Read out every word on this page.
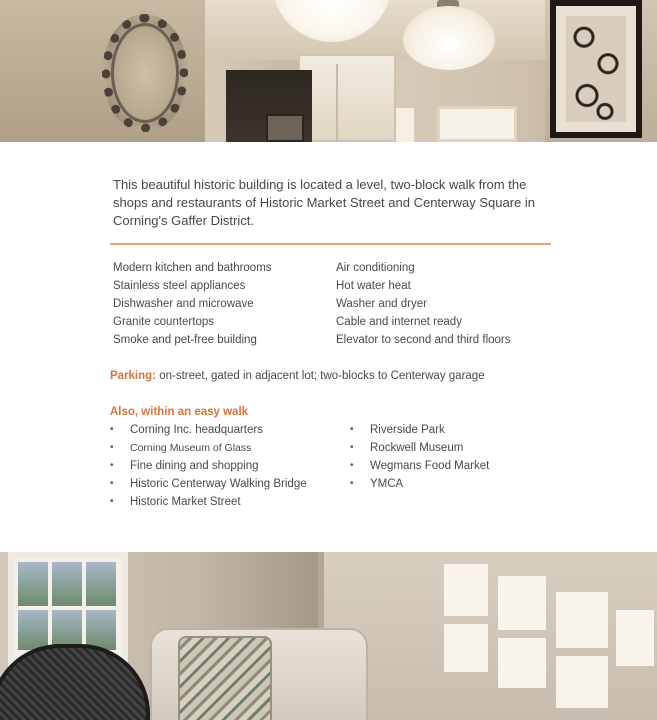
This beautiful historic building is located a level, two-block walk from the shops and restaurants of Historic Market Street and Centerway Square in Corning's Gaffer District.

Modern kitchen and bathrooms
Stainless steel appliances
Dishwasher and microwave
Granite countertops
Smoke and pet-free building
Air conditioning
Hot water heat
Washer and dryer
Cable and internet ready
Elevator to second and third floors
Parking: on-street, gated in adjacent lot; two-blocks to Centerway garage
Also, within an easy walk
•	Corning Inc. headquarters
•	Corning Museum of Glass
•	Fine dining and shopping
•	Historic Centerway Walking Bridge
•	Historic Market Street
•	Riverside Park
•	Rockwell Museum
•	Wegmans Food Market
•	YMCA
